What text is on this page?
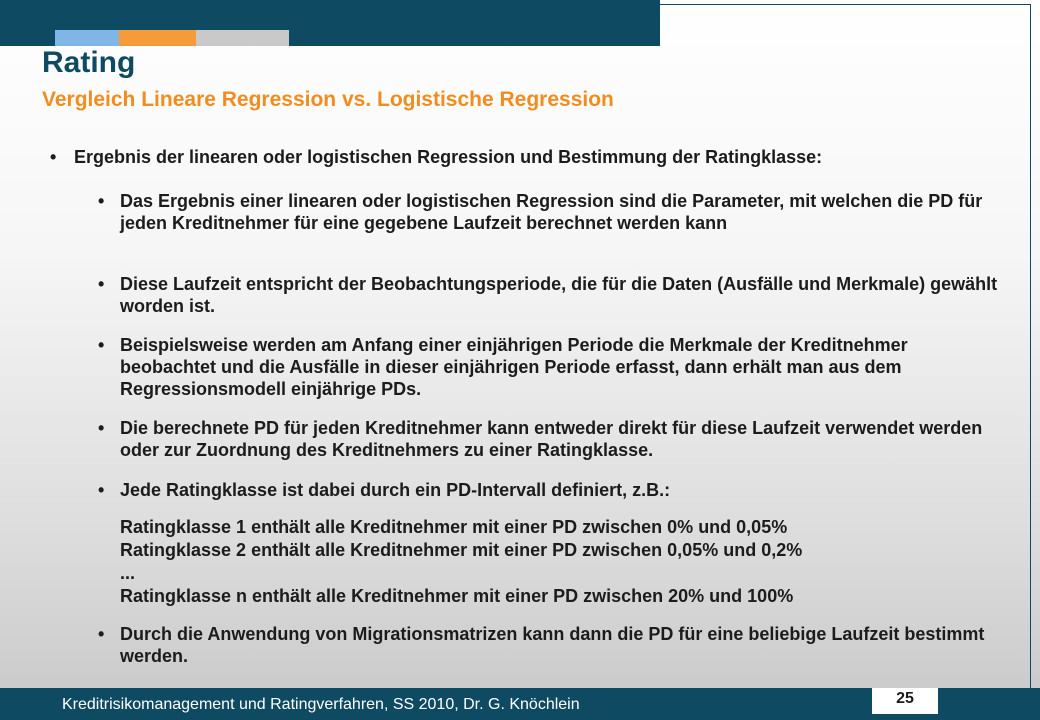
Rating
Vergleich Lineare Regression vs. Logistische Regression
• Ergebnis der linearen oder logistischen Regression und Bestimmung der Ratingklasse:
• Das Ergebnis einer linearen oder logistischen Regression sind die Parameter, mit welchen die PD für jeden Kreditnehmer für eine gegebene Laufzeit berechnet werden kann
• Diese Laufzeit entspricht der Beobachtungsperiode, die für die Daten (Ausfälle und Merkmale) gewählt worden ist.
• Beispielsweise werden am Anfang einer einjährigen Periode die Merkmale der Kreditnehmer beobachtet und die Ausfälle in dieser einjährigen Periode erfasst, dann erhält man aus dem Regressionsmodell einjährige PDs.
• Die berechnete PD für jeden Kreditnehmer kann entweder direkt für diese Laufzeit verwendet werden oder zur Zuordnung des Kreditnehmers zu einer Ratingklasse.
• Jede Ratingklasse ist dabei durch ein PD-Intervall definiert, z.B.:
Ratingklasse 1 enthält alle Kreditnehmer mit einer PD zwischen 0% und 0,05%
Ratingklasse 2 enthält alle Kreditnehmer mit einer PD zwischen 0,05% und 0,2%
...
Ratingklasse n enthält alle Kreditnehmer mit einer PD zwischen 20% und 100%
• Durch die Anwendung von Migrationsmatrizen kann dann die PD für eine beliebige Laufzeit bestimmt werden.
Kreditrisikomanagement und Ratingverfahren, SS 2010, Dr. G. Knöchlein	25
